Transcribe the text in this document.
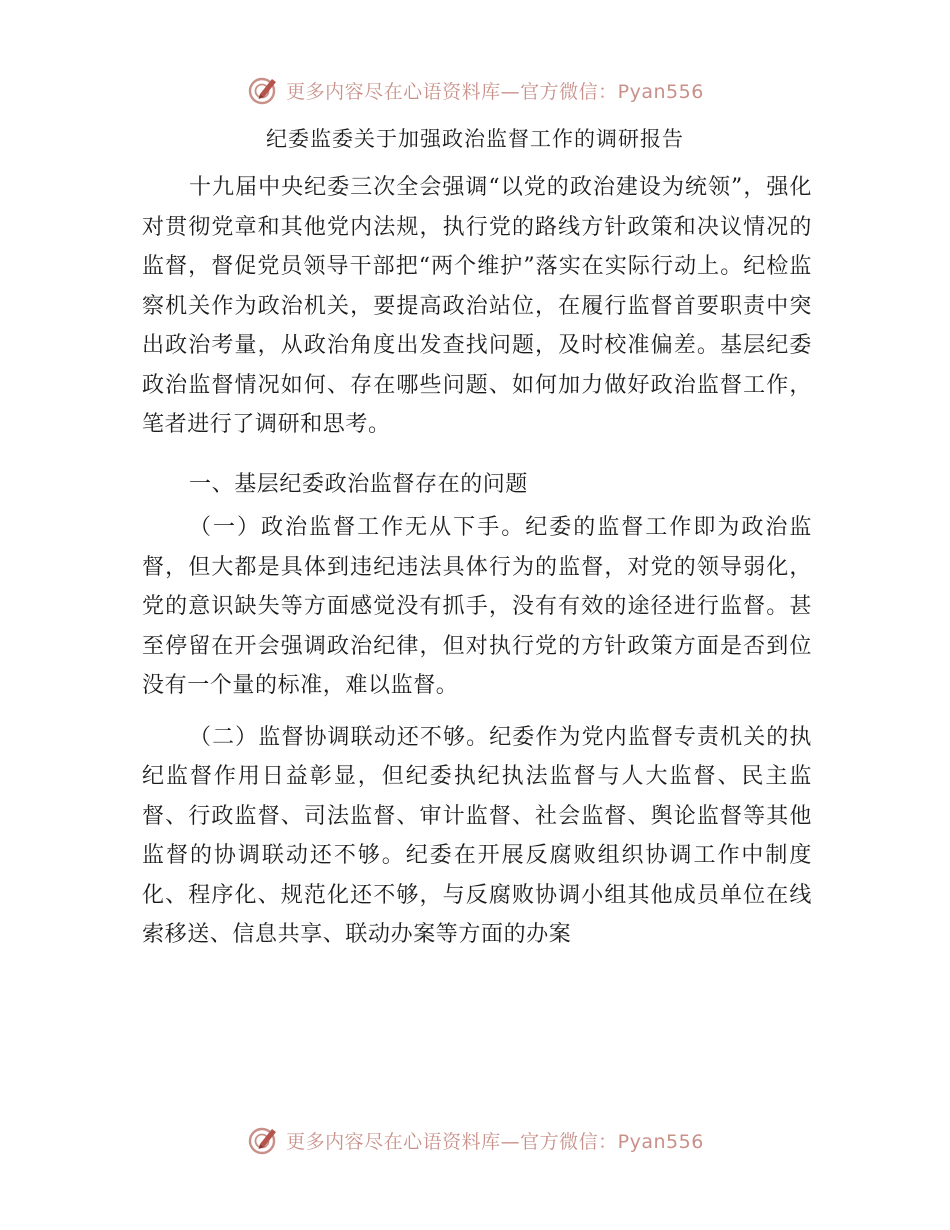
更多内容尽在心语资料库—官方微信：Pyan556
纪委监委关于加强政治监督工作的调研报告

十九届中央纪委三次全会强调“以党的政治建设为统领”，强化对贯彻党章和其他党内法规，执行党的路线方针政策和决议情况的监督，督促党员领导干部把“两个维护”落实在实际行动上。纪检监察机关作为政治机关，要提高政治站位，在履行监督首要职责中突出政治考量，从政治角度出发查找问题，及时校准偏差。基层纪委政治监督情况如何、存在哪些问题、如何加力做好政治监督工作，笔者进行了调研和思考。

一、基层纪委政治监督存在的问题

（一）政治监督工作无从下手。纪委的监督工作即为政治监督，但大都是具体到违纪违法具体行为的监督，对党的领导弱化，党的意识缺失等方面感觉没有抓手，没有有效的途径进行监督。甚至停留在开会强调政治纪律，但对执行党的方针政策方面是否到位没有一个量的标准，难以监督。

（二）监督协调联动还不够。纪委作为党内监督专责机关的执纪监督作用日益彰显，但纪委执纪执法监督与人大监督、民主监督、行政监督、司法监督、审计监督、社会监督、舆论监督等其他监督的协调联动还不够。纪委在开展反腐败组织协调工作中制度化、程序化、规范化还不够，与反腐败协调小组其他成员单位在线索移送、信息共享、联动办案等方面的办案

更多内容尽在心语资料库—官方微信：Pyan556
